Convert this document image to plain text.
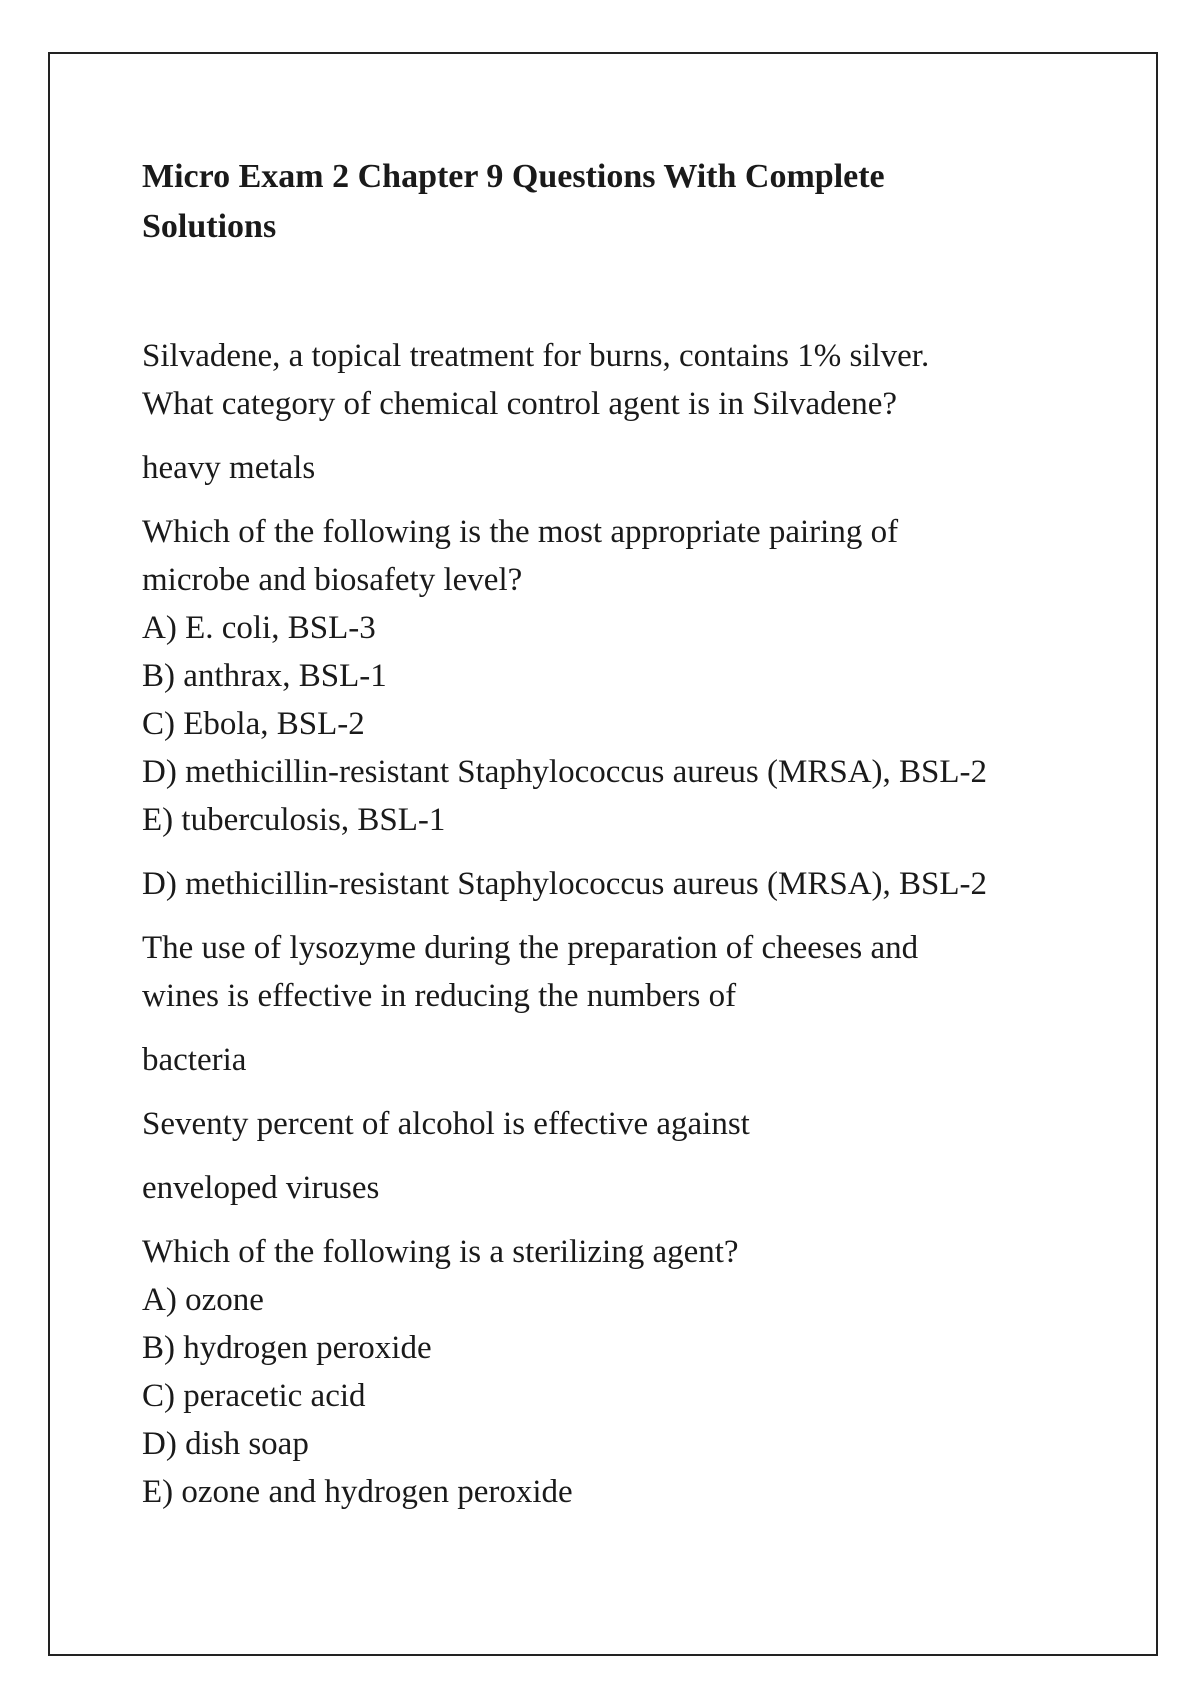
Micro Exam 2 Chapter 9 Questions With Complete
Solutions
Silvadene, a topical treatment for burns, contains 1% silver.
What category of chemical control agent is in Silvadene?
heavy metals
Which of the following is the most appropriate pairing of
microbe and biosafety level?
A) E. coli, BSL-3
B) anthrax, BSL-1
C) Ebola, BSL-2
D) methicillin-resistant Staphylococcus aureus (MRSA), BSL-2
E) tuberculosis, BSL-1
D) methicillin-resistant Staphylococcus aureus (MRSA), BSL-2
The use of lysozyme during the preparation of cheeses and
wines is effective in reducing the numbers of
bacteria
Seventy percent of alcohol is effective against
enveloped viruses
Which of the following is a sterilizing agent?
A) ozone
B) hydrogen peroxide
C) peracetic acid
D) dish soap
E) ozone and hydrogen peroxide
